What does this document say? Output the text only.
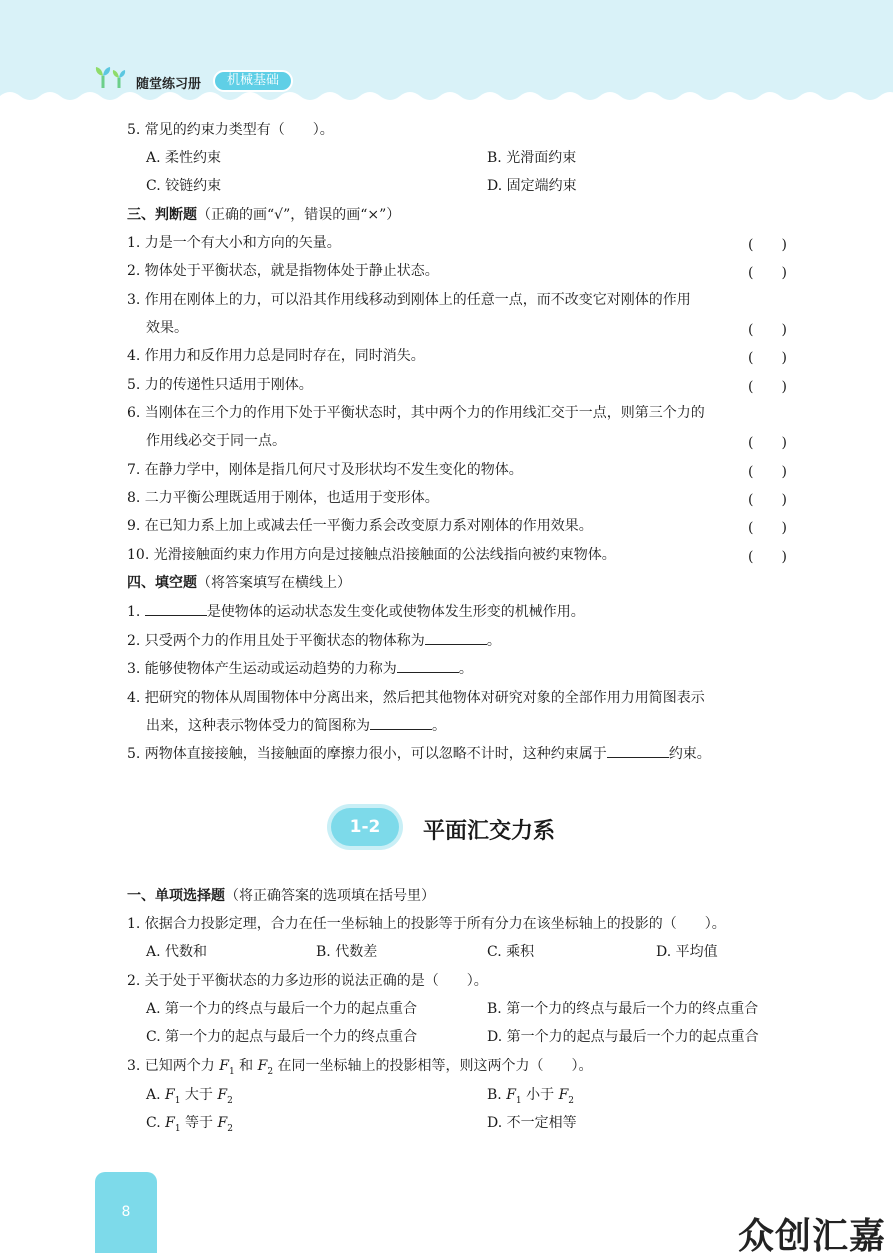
随堂练习册	机械基础
5. 常见的约束力类型有（　　）。
A. 柔性约束	B. 光滑面约束
C. 铰链约束	D. 固定端约束
三、判断题（正确的画“√”，错误的画“×”）
1. 力是一个有大小和方向的矢量。	(　　)
2. 物体处于平衡状态，就是指物体处于静止状态。	(　　)
3. 作用在刚体上的力，可以沿其作用线移动到刚体上的任意一点，而不改变它对刚体的作用
效果。	(　　)
4. 作用力和反作用力总是同时存在，同时消失。	(　　)
5. 力的传递性只适用于刚体。	(　　)
6. 当刚体在三个力的作用下处于平衡状态时，其中两个力的作用线汇交于一点，则第三个力的
作用线必交于同一点。	(　　)
7. 在静力学中，刚体是指几何尺寸及形状均不发生变化的物体。	(　　)
8. 二力平衡公理既适用于刚体，也适用于变形体。	(　　)
9. 在已知力系上加上或减去任一平衡力系会改变原力系对刚体的作用效果。	(　　)
10. 光滑接触面约束力作用方向是过接触点沿接触面的公法线指向被约束物体。	(　　)
四、填空题（将答案填写在横线上）
1.	是使物体的运动状态发生变化或使物体发生形变的机械作用。
2. 只受两个力的作用且处于平衡状态的物体称为	。
3. 能够使物体产生运动或运动趋势的力称为	。
4. 把研究的物体从周围物体中分离出来，然后把其他物体对研究对象的全部作用力用简图表示
出来，这种表示物体受力的简图称为	。
5. 两物体直接接触，当接触面的摩擦力很小，可以忽略不计时，这种约束属于	约束。
1-2	平面汇交力系
一、单项选择题（将正确答案的选项填在括号里）
1. 依据合力投影定理，合力在任一坐标轴上的投影等于所有分力在该坐标轴上的投影的（　　）。
A. 代数和	B. 代数差	C. 乘积	D. 平均值
2. 关于处于平衡状态的力多边形的说法正确的是（　　）。
A. 第一个力的终点与最后一个力的起点重合	B. 第一个力的终点与最后一个力的终点重合
C. 第一个力的起点与最后一个力的终点重合	D. 第一个力的起点与最后一个力的起点重合
3. 已知两个力 $F_1$ 和 $F_2$ 在同一坐标轴上的投影相等，则这两个力（　　）。
A. $F_1$ 大于 $F_2$	B. $F_1$ 小于 $F_2$
C. $F_1$ 等于 $F_2$	D. 不一定相等
8
众创汇嘉
